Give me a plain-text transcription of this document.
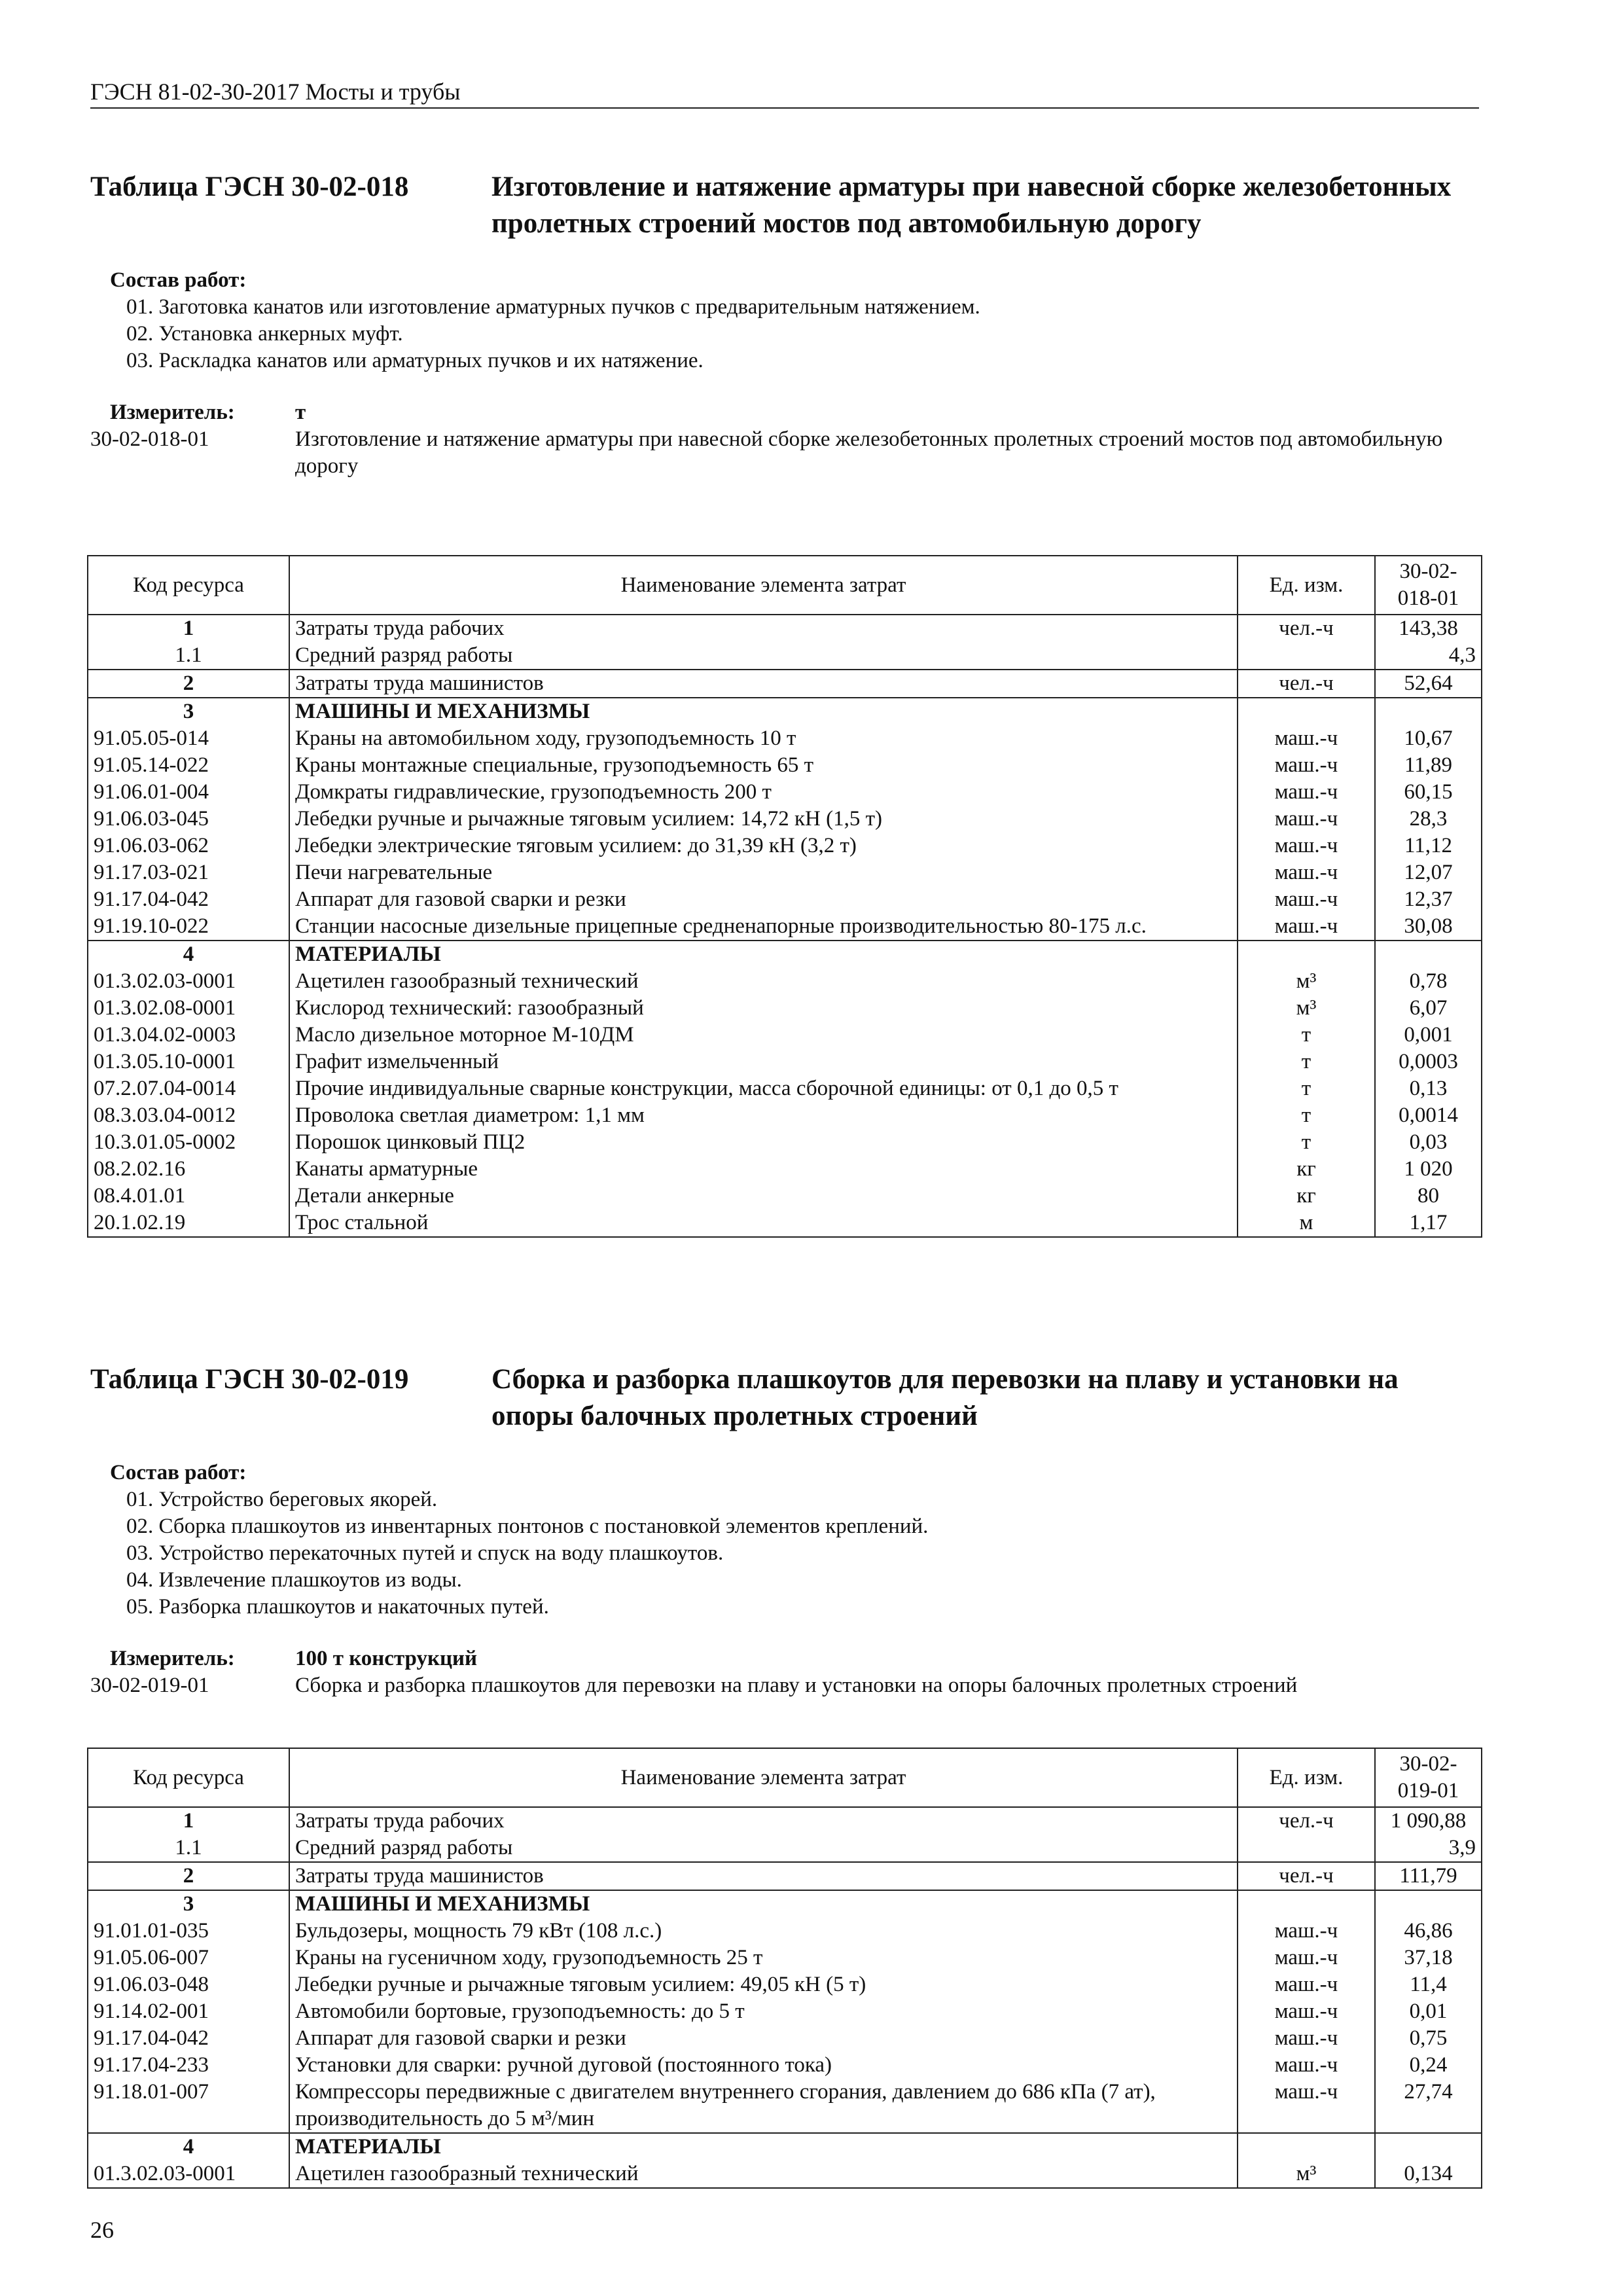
ГЭСН 81-02-30-2017 Мосты и трубы
Таблица ГЭСН 30-02-018	Изготовление и натяжение арматуры при навесной сборке железобетонных пролетных строений мостов под автомобильную дорогу
Состав работ:
01. Заготовка канатов или изготовление арматурных пучков с предварительным натяжением.
02. Установка анкерных муфт.
03. Раскладка канатов или арматурных пучков и их натяжение.
Измеритель:	т
30-02-018-01	Изготовление и натяжение арматуры при навесной сборке железобетонных пролетных строений мостов под автомобильную дорогу
Код ресурса	Наименование элемента затрат	Ед. изм.	30-02-018-01
1	Затраты труда рабочих	чел.-ч	143,38
1.1	Средний разряд работы		4,3
2	Затраты труда машинистов	чел.-ч	52,64
3	МАШИНЫ И МЕХАНИЗМЫ		
91.05.05-014	Краны на автомобильном ходу, грузоподъемность 10 т	маш.-ч	10,67
91.05.14-022	Краны монтажные специальные, грузоподъемность 65 т	маш.-ч	11,89
91.06.01-004	Домкраты гидравлические, грузоподъемность 200 т	маш.-ч	60,15
91.06.03-045	Лебедки ручные и рычажные тяговым усилием: 14,72 кН (1,5 т)	маш.-ч	28,3
91.06.03-062	Лебедки электрические тяговым усилием: до 31,39 кН (3,2 т)	маш.-ч	11,12
91.17.03-021	Печи нагревательные	маш.-ч	12,07
91.17.04-042	Аппарат для газовой сварки и резки	маш.-ч	12,37
91.19.10-022	Станции насосные дизельные прицепные средненапорные производительностью 80-175 л.с.	маш.-ч	30,08
4	МАТЕРИАЛЫ		
01.3.02.03-0001	Ацетилен газообразный технический	м³	0,78
01.3.02.08-0001	Кислород технический: газообразный	м³	6,07
01.3.04.02-0003	Масло дизельное моторное М-10ДМ	т	0,001
01.3.05.10-0001	Графит измельченный	т	0,0003
07.2.07.04-0014	Прочие индивидуальные сварные конструкции, масса сборочной единицы: от 0,1 до 0,5 т	т	0,13
08.3.03.04-0012	Проволока светлая диаметром: 1,1 мм	т	0,0014
10.3.01.05-0002	Порошок цинковый ПЦ2	т	0,03
08.2.02.16	Канаты арматурные	кг	1 020
08.4.01.01	Детали анкерные	кг	80
20.1.02.19	Трос стальной	м	1,17
Таблица ГЭСН 30-02-019	Сборка и разборка плашкоутов для перевозки на плаву и установки на опоры балочных пролетных строений
Состав работ:
01. Устройство береговых якорей.
02. Сборка плашкоутов из инвентарных понтонов с постановкой элементов креплений.
03. Устройство перекаточных путей и спуск на воду плашкоутов.
04. Извлечение плашкоутов из воды.
05. Разборка плашкоутов и накаточных путей.
Измеритель:	100 т конструкций
30-02-019-01	Сборка и разборка плашкоутов для перевозки на плаву и установки на опоры балочных пролетных строений
Код ресурса	Наименование элемента затрат	Ед. изм.	30-02-019-01
1	Затраты труда рабочих	чел.-ч	1 090,88
1.1	Средний разряд работы		3,9
2	Затраты труда машинистов	чел.-ч	111,79
3	МАШИНЫ И МЕХАНИЗМЫ		
91.01.01-035	Бульдозеры, мощность 79 кВт (108 л.с.)	маш.-ч	46,86
91.05.06-007	Краны на гусеничном ходу, грузоподъемность 25 т	маш.-ч	37,18
91.06.03-048	Лебедки ручные и рычажные тяговым усилием: 49,05 кН (5 т)	маш.-ч	11,4
91.14.02-001	Автомобили бортовые, грузоподъемность: до 5 т	маш.-ч	0,01
91.17.04-042	Аппарат для газовой сварки и резки	маш.-ч	0,75
91.17.04-233	Установки для сварки: ручной дуговой (постоянного тока)	маш.-ч	0,24
91.18.01-007	Компрессоры передвижные с двигателем внутреннего сгорания, давлением до 686 кПа (7 ат), производительность до 5 м³/мин	маш.-ч	27,74
4	МАТЕРИАЛЫ		
01.3.02.03-0001	Ацетилен газообразный технический	м³	0,134
26
